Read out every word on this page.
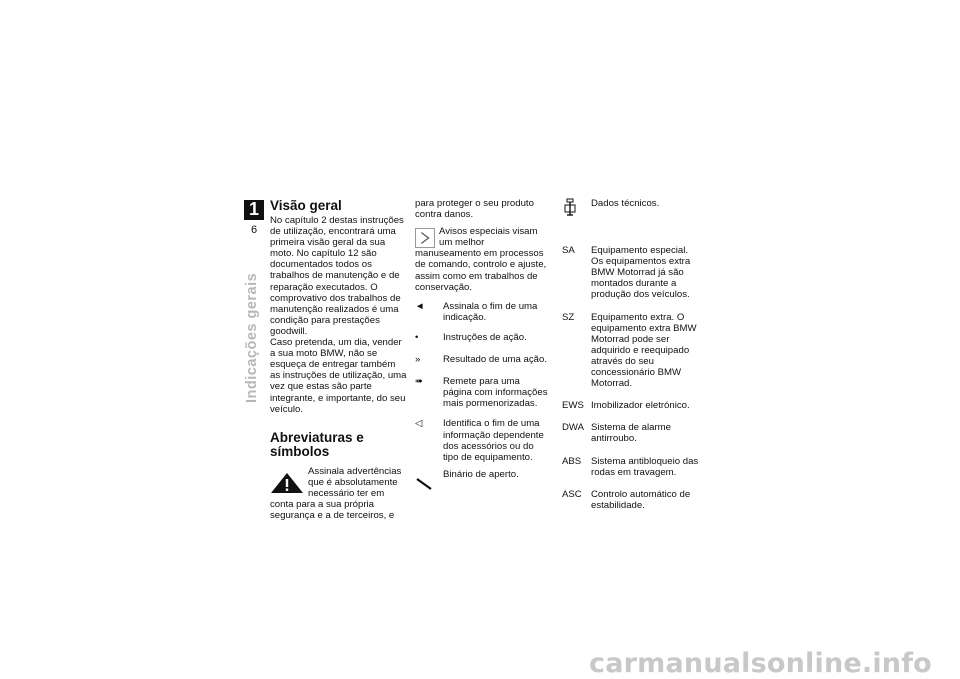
1
6
Indicações gerais
Visão geral

No capítulo 2 destas instruções de utilização, encontrará uma primeira visão geral da sua moto. No capítulo 12 são documentados todos os trabalhos de manutenção e de reparação executados. O comprovativo dos trabalhos de manutenção realizados é uma condição para prestações goodwill.

Caso pretenda, um dia, vender a sua moto BMW, não se esqueça de entregar também as instruções de utilização, uma vez que estas são parte integrante, e importante, do seu veículo.

Abreviaturas e símbolos

Assinala advertências que é absolutamente necessário ter em conta para a sua própria segurança e a de terceiros, e

para proteger o seu produto contra danos.

Avisos especiais visam um melhor manuseamento em processos de comando, controlo e ajuste, assim como em trabalhos de conservação.

◄	Assinala o fim de uma indicação.
•	Instruções de ação.
»	Resultado de uma ação.
➠	Remete para uma página com informações mais pormenorizadas.
◁	Identifica o fim de uma informação dependente dos acessórios ou do tipo de equipamento.
Binário de aperto.
Dados técnicos.
SA	Equipamento especial. Os equipamentos extra BMW Motorrad já são montados durante a produção dos veículos.
SZ	Equipamento extra. O equipamento extra BMW Motorrad pode ser adquirido e reequipado através do seu concessionário BMW Motorrad.
EWS Imobilizador eletrónico.
DWA Sistema de alarme antirroubo.
ABS	Sistema antibloqueio das rodas em travagem.
ASC Controlo automático de estabilidade.
carmanualsonline.info
